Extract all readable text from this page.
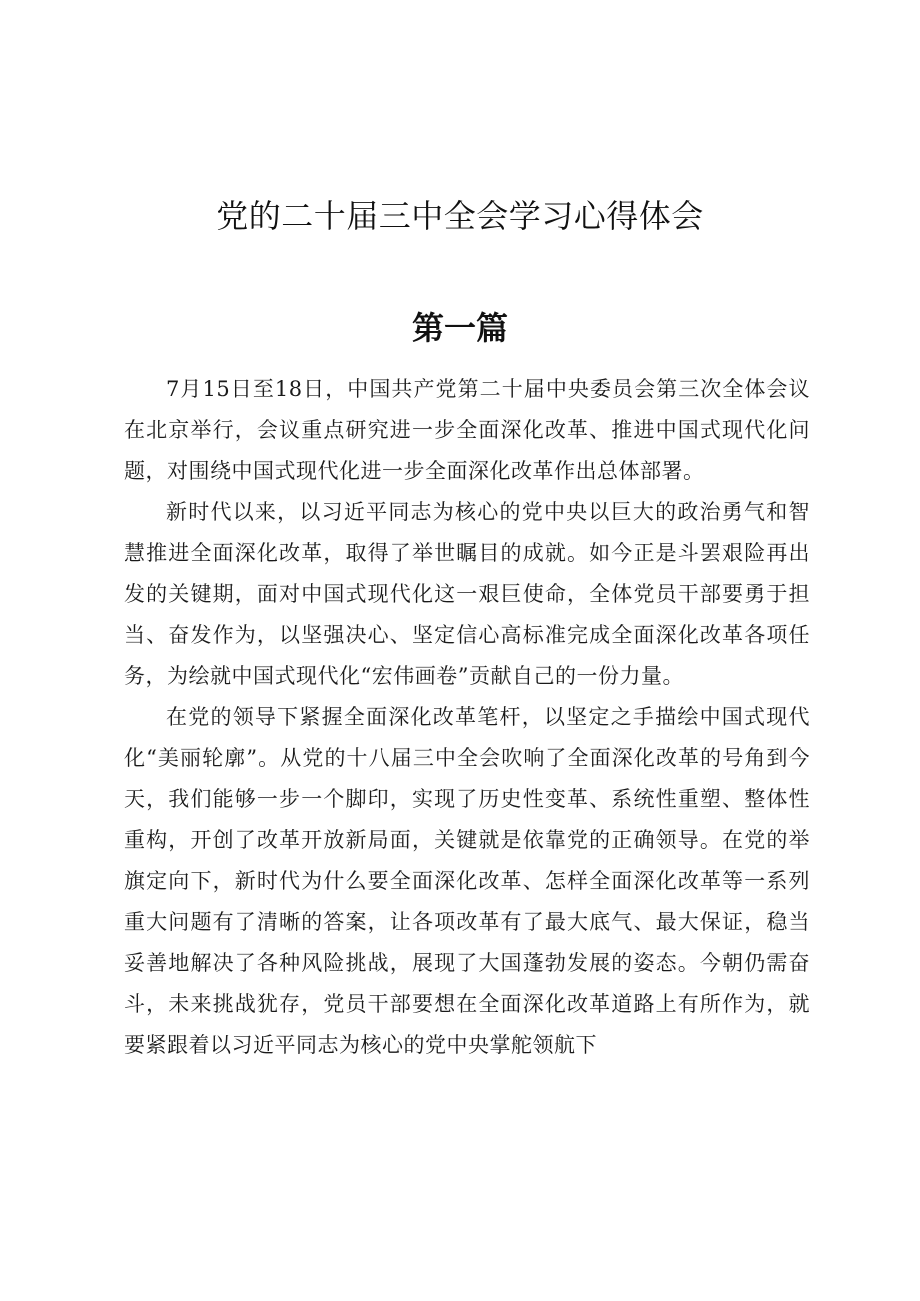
党的二十届三中全会学习心得体会
第一篇

7月15日至18日，中国共产党第二十届中央委员会第三次全体会议在北京举行，会议重点研究进一步全面深化改革、推进中国式现代化问题，对围绕中国式现代化进一步全面深化改革作出总体部署。

新时代以来，以习近平同志为核心的党中央以巨大的政治勇气和智慧推进全面深化改革，取得了举世瞩目的成就。如今正是斗罢艰险再出发的关键期，面对中国式现代化这一艰巨使命，全体党员干部要勇于担当、奋发作为，以坚强决心、坚定信心高标准完成全面深化改革各项任务，为绘就中国式现代化“宏伟画卷”贡献自己的一份力量。

在党的领导下紧握全面深化改革笔杆，以坚定之手描绘中国式现代化“美丽轮廓”。从党的十八届三中全会吹响了全面深化改革的号角到今天，我们能够一步一个脚印，实现了历史性变革、系统性重塑、整体性重构，开创了改革开放新局面，关键就是依靠党的正确领导。在党的举旗定向下，新时代为什么要全面深化改革、怎样全面深化改革等一系列重大问题有了清晰的答案，让各项改革有了最大底气、最大保证，稳当妥善地解决了各种风险挑战，展现了大国蓬勃发展的姿态。今朝仍需奋斗，未来挑战犹存，党员干部要想在全面深化改革道路上有所作为，就要紧跟着以习近平同志为核心的党中央掌舵领航下
